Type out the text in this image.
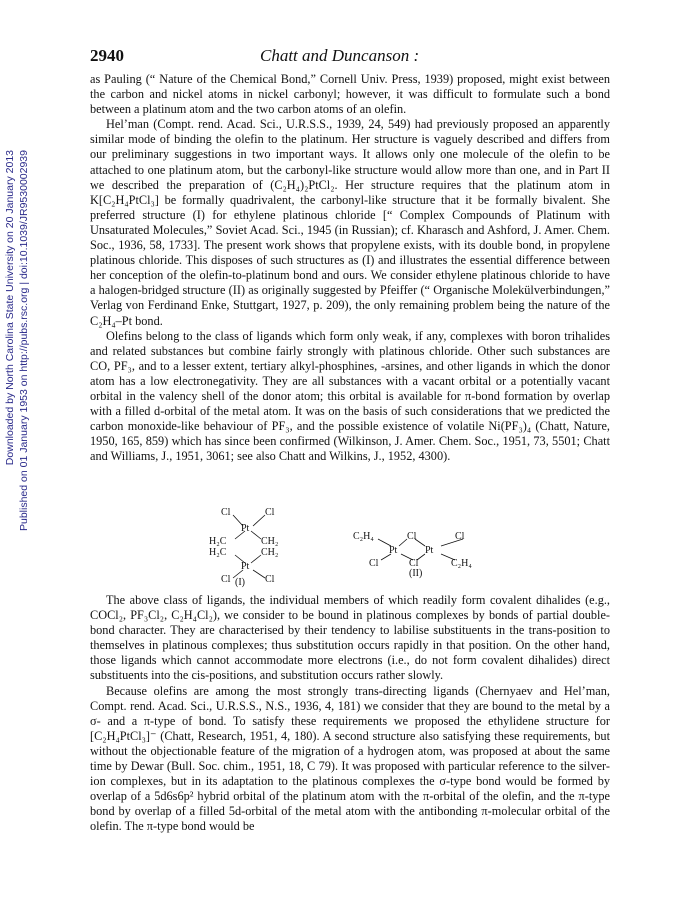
Downloaded by North Carolina State University on 20 January 2013 Published on 01 January 1953 on http://pubs.rsc.org | doi:10.1039/JR9530002939
2940	Chatt and Duncanson :

as Pauling (“ Nature of the Chemical Bond,” Cornell Univ. Press, 1939) proposed, might exist between the carbon and nickel atoms in nickel carbonyl; however, it was difficult to formulate such a bond between a platinum atom and the two carbon atoms of an olefin.

Hel’man (Compt. rend. Acad. Sci., U.R.S.S., 1939, 24, 549) had previously proposed an apparently similar mode of binding the olefin to the platinum. Her structure is vaguely described and differs from our preliminary suggestions in two important ways. It allows only one molecule of the olefin to be attached to one platinum atom, but the carbonyl-like structure would allow more than one, and in Part II we described the preparation of (C₂H₄)₂PtCl₂. Her structure requires that the platinum atom in K[C₂H₄PtCl₃] be formally quadrivalent, the carbonyl-like structure that it be formally bivalent. She preferred structure (I) for ethylene platinous chloride [“ Complex Compounds of Platinum with Unsaturated Molecules,” Soviet Acad. Sci., 1945 (in Russian); cf. Kharasch and Ashford, J. Amer. Chem. Soc., 1936, 58, 1733]. The present work shows that propylene exists, with its double bond, in propylene platinous chloride. This disposes of such structures as (I) and illustrates the essential difference between her conception of the olefin-to-platinum bond and ours. We consider ethylene platinous chloride to have a halogen-bridged structure (II) as originally suggested by Pfeiffer (“ Organische Molekülverbindungen,” Verlag von Ferdinand Enke, Stuttgart, 1927, p. 209), the only remaining problem being the nature of the C₂H₄–Pt bond.

Olefins belong to the class of ligands which form only weak, if any, complexes with boron trihalides and related substances but combine fairly strongly with platinous chloride. Other such substances are CO, PF₃, and to a lesser extent, tertiary alkyl-phosphines, -arsines, and other ligands in which the donor atom has a low electronegativity. They are all substances with a vacant orbital or a potentially vacant orbital in the valency shell of the donor atom; this orbital is available for π-bond formation by overlap with a filled d-orbital of the metal atom. It was on the basis of such considerations that we predicted the carbon monoxide-like behaviour of PF₃, and the possible existence of volatile Ni(PF₃)₄ (Chatt, Nature, 1950, 165, 859) which has since been confirmed (Wilkinson, J. Amer. Chem. Soc., 1951, 73, 5501; Chatt and Williams, J., 1951, 3061; see also Chatt and Wilkins, J., 1952, 4300).

Cl	Cl
Pt
H₂C	CH₂
H₂C	CH₂
Pt
Cl	Cl
C₂H₄	Cl	Cl
Pt	Pt
Cl	Cl	C₂H₄
(I)
(II)

The above class of ligands, the individual members of which readily form covalent dihalides (e.g., COCl₂, PF₃Cl₂, C₂H₄Cl₂), we consider to be bound in platinous complexes by bonds of partial double-bond character. They are characterised by their tendency to labilise substituents in the trans-position to themselves in platinous complexes; thus substitution occurs rapidly in that position. On the other hand, those ligands which cannot accommodate more electrons (i.e., do not form covalent dihalides) direct substituents into the cis-positions, and substitution occurs rather slowly.

Because olefins are among the most strongly trans-directing ligands (Chernyaev and Hel’man, Compt. rend. Acad. Sci., U.R.S.S., N.S., 1936, 4, 181) we consider that they are bound to the metal by a σ- and a π-type of bond. To satisfy these requirements we proposed the ethylidene structure for [C₂H₄PtCl₃]⁻ (Chatt, Research, 1951, 4, 180). A second structure also satisfying these requirements, but without the objectionable feature of the migration of a hydrogen atom, was proposed at about the same time by Dewar (Bull. Soc. chim., 1951, 18, C 79). It was proposed with particular reference to the silver-ion complexes, but in its adaptation to the platinous complexes the σ-type bond would be formed by overlap of a 5d6s6p² hybrid orbital of the platinum atom with the π-orbital of the olefin, and the π-type bond by overlap of a filled 5d-orbital of the metal atom with the antibonding π-molecular orbital of the olefin. The π-type bond would be
